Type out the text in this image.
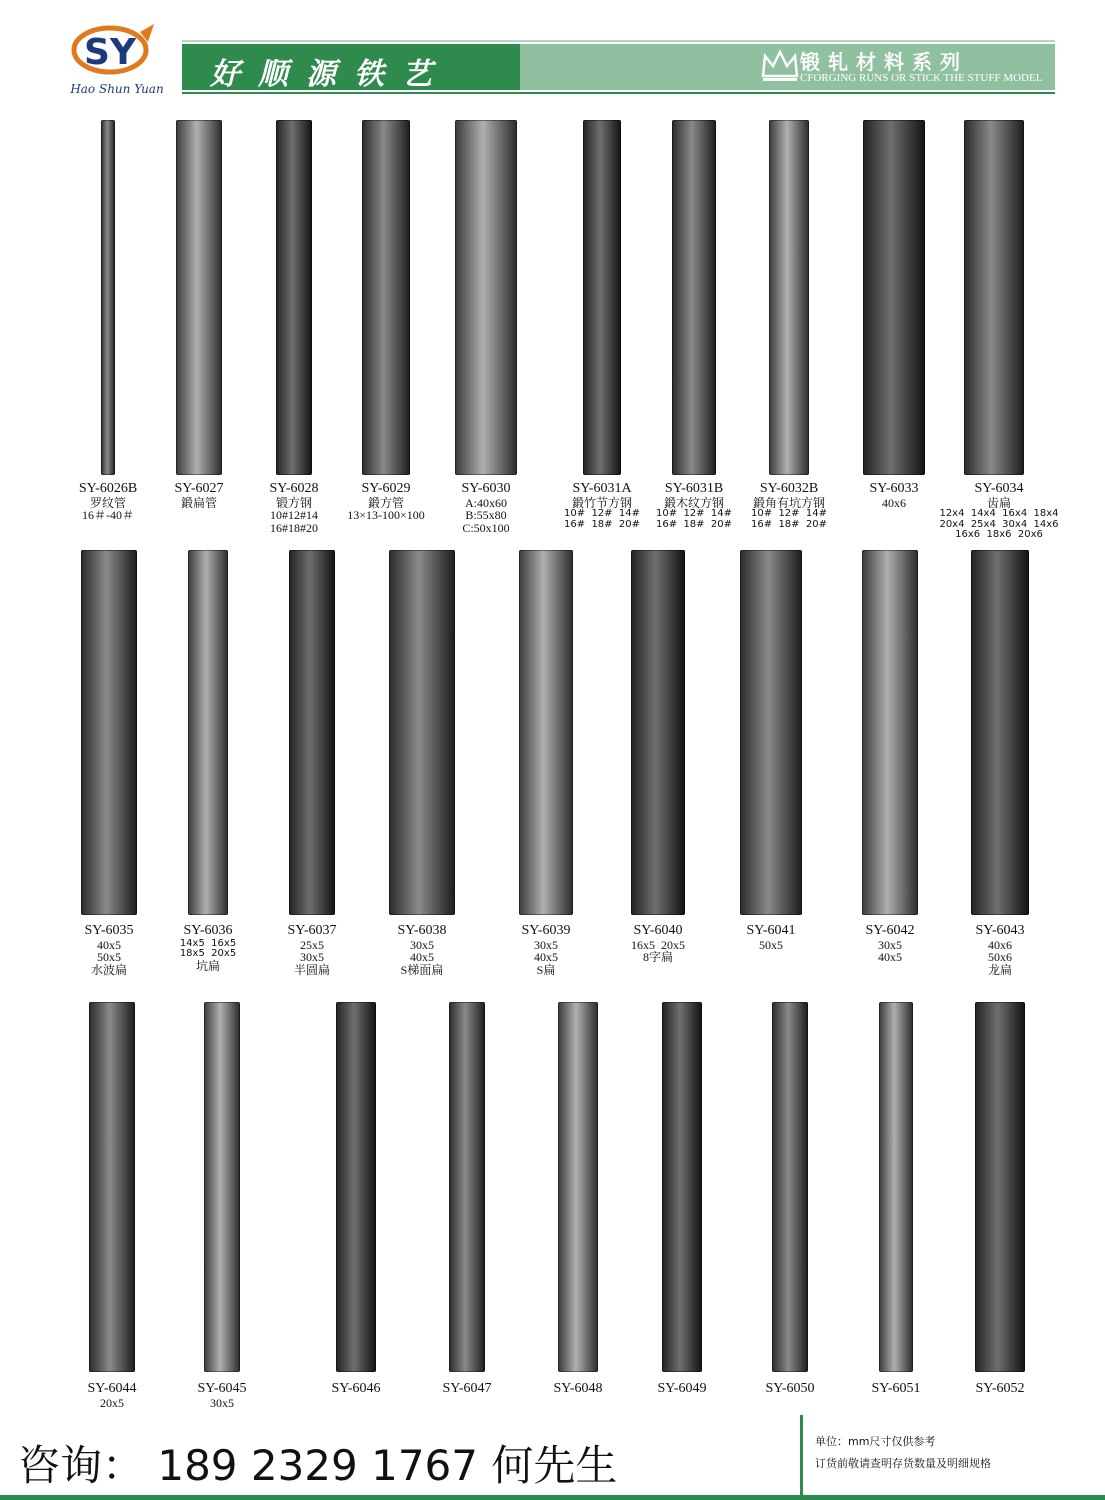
S Y
Hao Shun Yuan 好顺源铁艺	锻轧材料系列
CFORGING RUNS OR STICK THE STUFF MODEL
SY-6026B
罗纹管
16＃-40＃
SY-6027
鍛扁管
SY-6028
锻方钢
10#12#14
16#18#20
SY-6029
鍛方管
13×13-100×100
SY-6030
A:40x60
B:55x80
C:50x100
SY-6031A
鍛竹节方钢
10#  12#  14#
16#  18#  20#
SY-6031B
鍛木纹方钢
10#  12#  14#
16#  18#  20#
SY-6032B
鍛角有坑方钢
10#  12#  14#
16#  18#  20#
SY-6033
40x6
SY-6034
齿扁
12x4  14x4  16x4  18x4
20x4  25x4  30x4  14x6
16x6  18x6  20x6
SY-6035
40x5
50x5
水波扁
SY-6036
14x5  16x5
18x5  20x5
坑扁
SY-6037
25x5
30x5
半圆扁
SY-6038
30x5
40x5
S梯面扁
SY-6039
30x5
40x5
S扁
SY-6040
16x5  20x5
8字扁
SY-6041
50x5
SY-6042
30x5
40x5
SY-6043
40x6
50x6
龙扁
SY-6044
20x5
SY-6045
30x5
SY-6046	SY-6047	SY-6048	SY-6049	SY-6050	SY-6051	SY-6052
咨询： 189 2329 1767 何先生	单位：mm尺寸仅供参考
订货前敬请查明存货数量及明细规格
